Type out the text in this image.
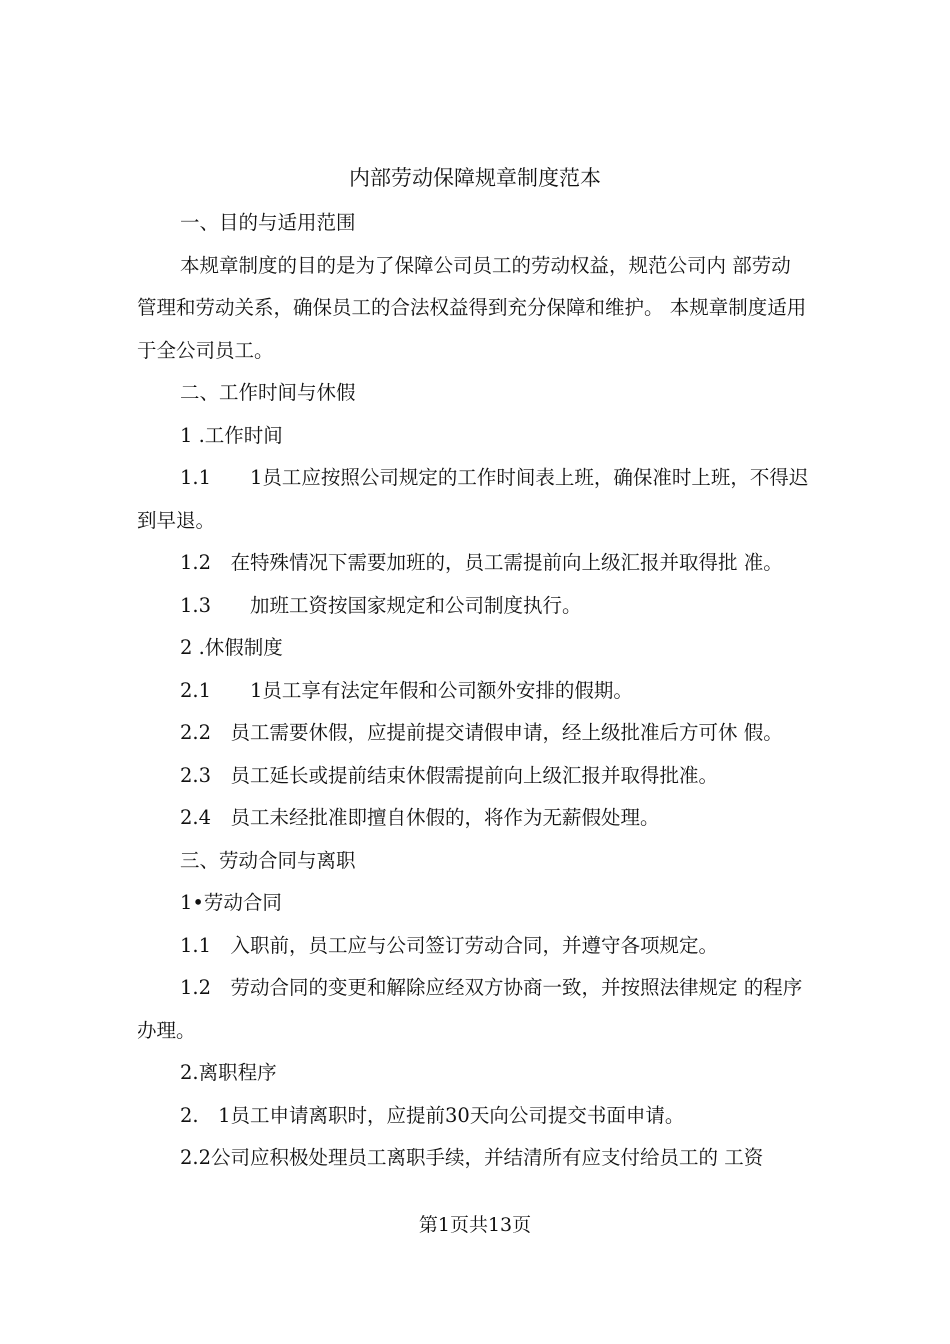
内部劳动保障规章制度范本

一、目的与适用范围

本规章制度的目的是为了保障公司员工的劳动权益，规范公司内 部劳动管理和劳动关系，确保员工的合法权益得到充分保障和维护。 本规章制度适用于全公司员工。

二、工作时间与休假

1 .工作时间

1.1　　1员工应按照公司规定的工作时间表上班，确保准时上班，不得迟到早退。

1.2　在特殊情况下需要加班的，员工需提前向上级汇报并取得批 准。

1.3　　加班工资按国家规定和公司制度执行。

2 .休假制度

2.1　　1员工享有法定年假和公司额外安排的假期。

2.2　员工需要休假，应提前提交请假申请，经上级批准后方可休 假。

2.3　员工延长或提前结束休假需提前向上级汇报并取得批准。

2.4　员工未经批准即擅自休假的，将作为无薪假处理。

三、劳动合同与离职

1•劳动合同

1.1　入职前，员工应与公司签订劳动合同，并遵守各项规定。

1.2　劳动合同的变更和解除应经双方协商一致，并按照法律规定 的程序办理。

2.离职程序

2.　1员工申请离职时，应提前30天向公司提交书面申请。

2.2公司应积极处理员工离职手续，并结清所有应支付给员工的 工资

第1页共13页
